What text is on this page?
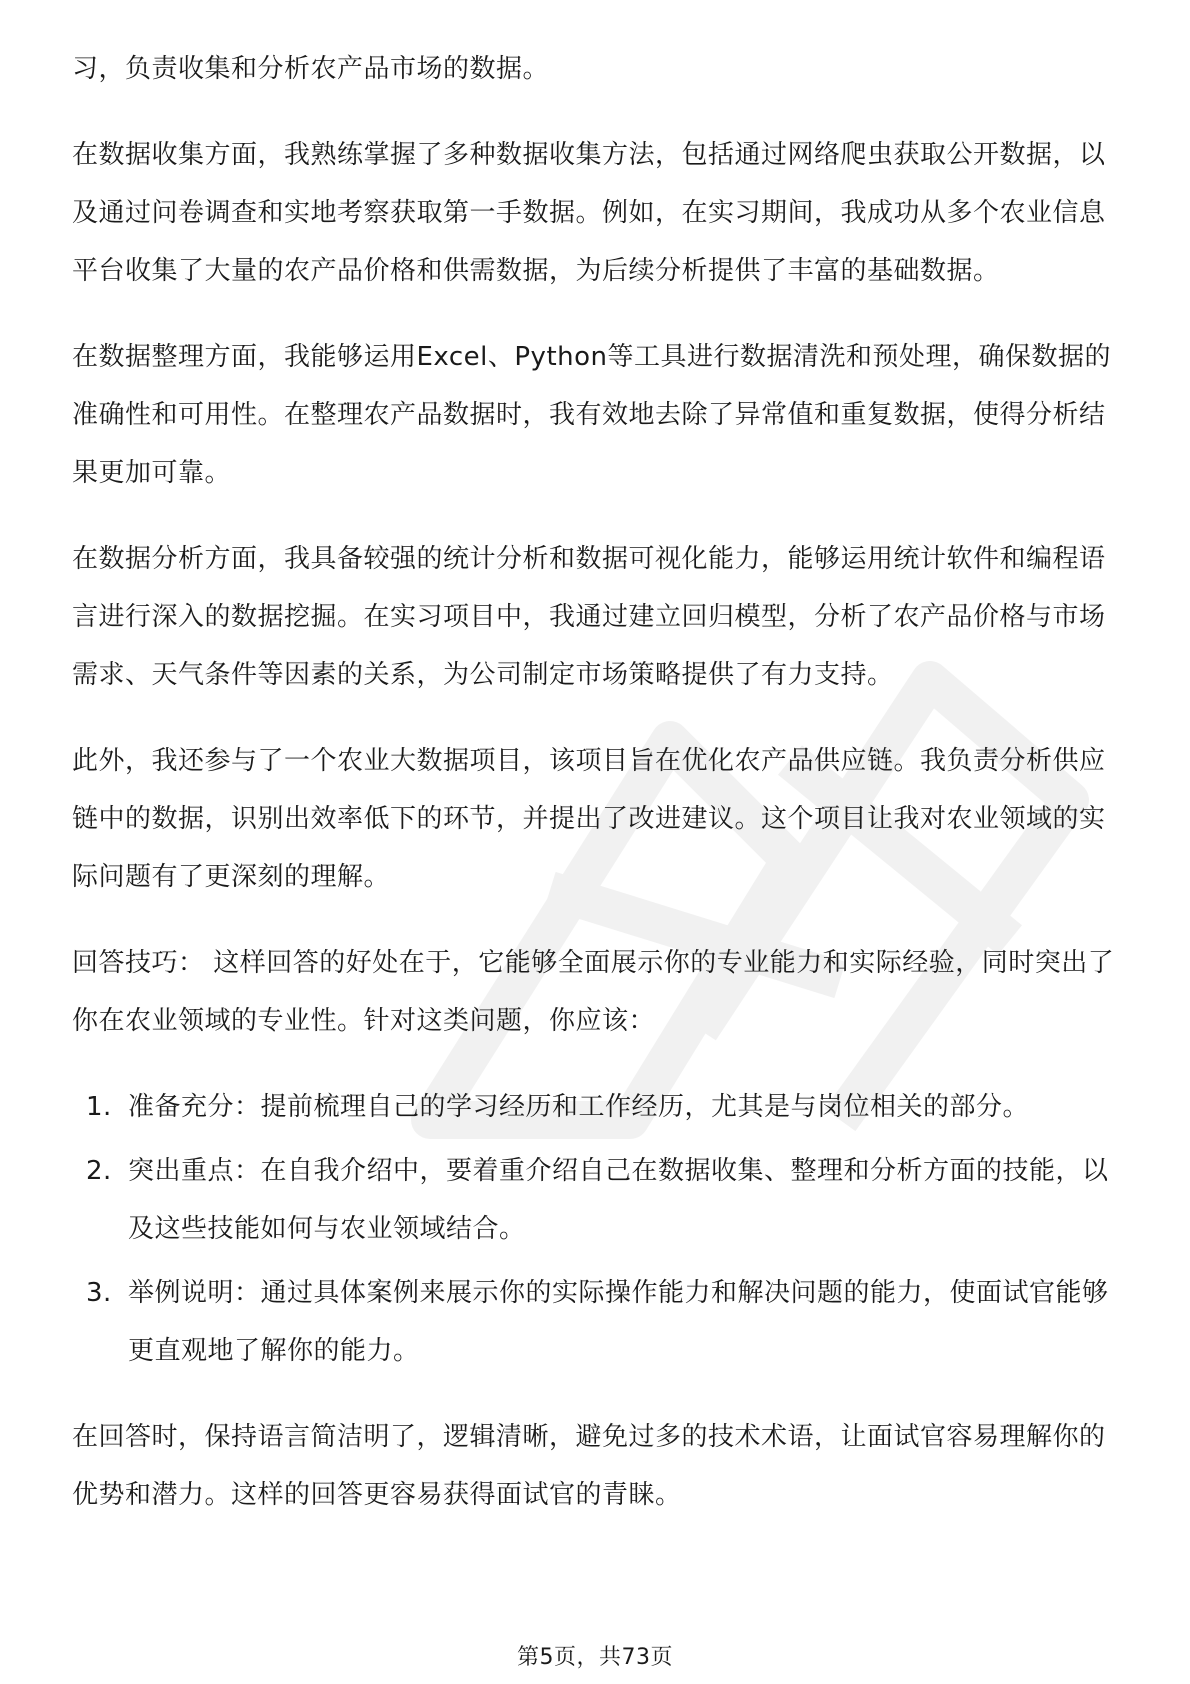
习，负责收集和分析农产品市场的数据。

在数据收集方面，我熟练掌握了多种数据收集方法，包括通过网络爬虫获取公开数据，以及通过问卷调查和实地考察获取第一手数据。例如，在实习期间，我成功从多个农业信息平台收集了大量的农产品价格和供需数据，为后续分析提供了丰富的基础数据。

在数据整理方面，我能够运用Excel、Python等工具进行数据清洗和预处理，确保数据的准确性和可用性。在整理农产品数据时，我有效地去除了异常值和重复数据，使得分析结果更加可靠。

在数据分析方面，我具备较强的统计分析和数据可视化能力，能够运用统计软件和编程语言进行深入的数据挖掘。在实习项目中，我通过建立回归模型，分析了农产品价格与市场需求、天气条件等因素的关系，为公司制定市场策略提供了有力支持。

此外，我还参与了一个农业大数据项目，该项目旨在优化农产品供应链。我负责分析供应链中的数据，识别出效率低下的环节，并提出了改进建议。这个项目让我对农业领域的实际问题有了更深刻的理解。

回答技巧： 这样回答的好处在于，它能够全面展示你的专业能力和实际经验，同时突出了你在农业领域的专业性。针对这类问题，你应该：

1. 准备充分：提前梳理自己的学习经历和工作经历，尤其是与岗位相关的部分。
2. 突出重点：在自我介绍中，要着重介绍自己在数据收集、整理和分析方面的技能，以及这些技能如何与农业领域结合。
3. 举例说明：通过具体案例来展示你的实际操作能力和解决问题的能力，使面试官能够更直观地了解你的能力。

在回答时，保持语言简洁明了，逻辑清晰，避免过多的技术术语，让面试官容易理解你的优势和潜力。这样的回答更容易获得面试官的青睐。

第5页，共73页
